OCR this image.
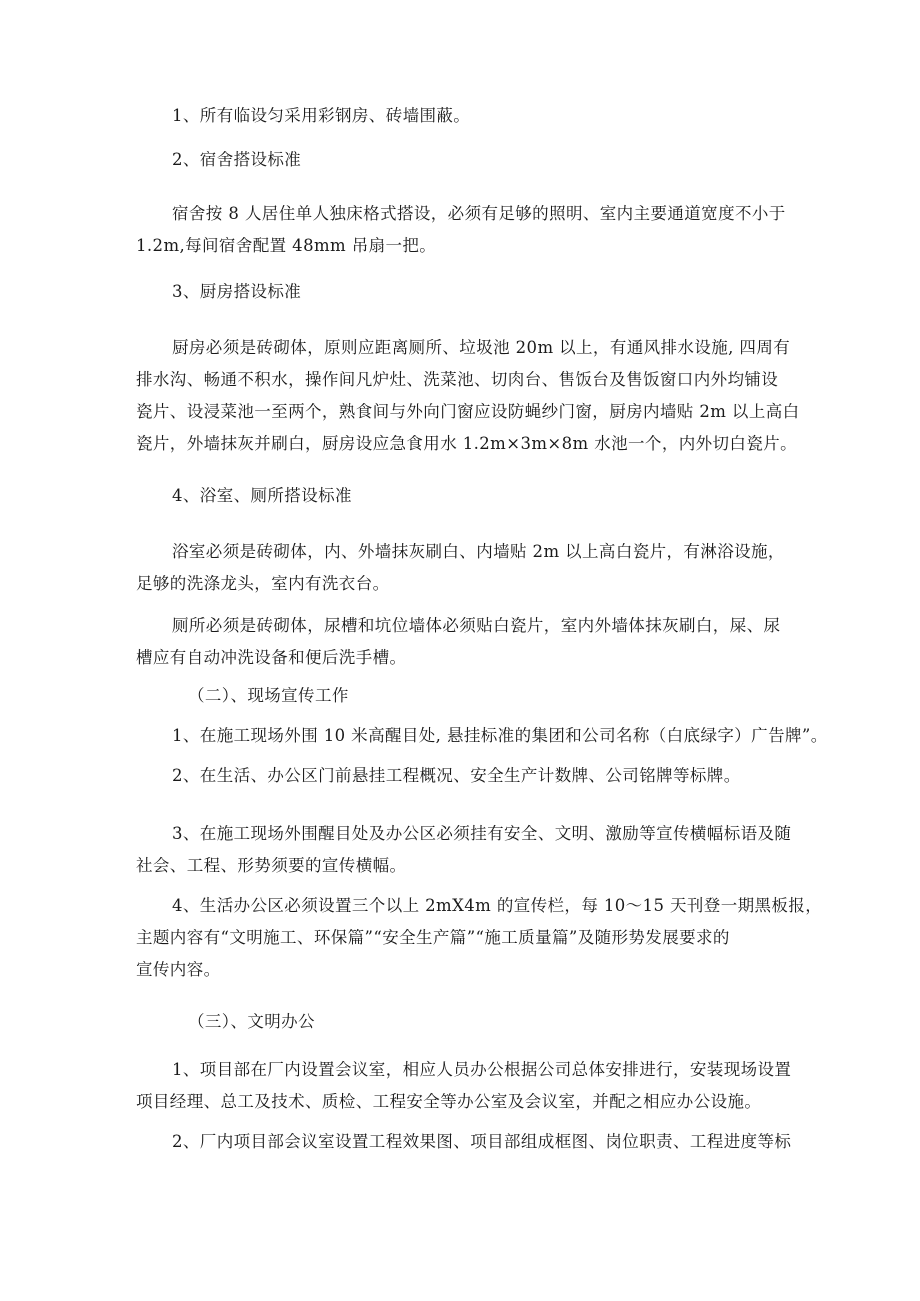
1、所有临设匀采用彩钢房、砖墙围蔽。

2、宿舍搭设标准

宿舍按 8 人居住单人独床格式搭设，必须有足够的照明、室内主要通道宽度不小于
1.2m,每间宿舍配置 48mm 吊扇一把。

3、厨房搭设标准

厨房必须是砖砌体，原则应距离厕所、垃圾池 20m 以上，有通风排水设施, 四周有
排水沟、畅通不积水，操作间凡炉灶、洗菜池、切肉台、售饭台及售饭窗口内外均铺设
瓷片、设浸菜池一至两个，熟食间与外向门窗应设防蝇纱门窗，厨房内墙贴 2m 以上高白
瓷片，外墙抹灰并刷白，厨房设应急食用水 1.2m×3m×8m 水池一个，内外切白瓷片。

4、浴室、厕所搭设标准

浴室必须是砖砌体，内、外墙抹灰刷白、内墙贴 2m 以上高白瓷片，有淋浴设施，
足够的洗涤龙头，室内有洗衣台。

厕所必须是砖砌体，尿槽和坑位墙体必须贴白瓷片，室内外墙体抹灰刷白，屎、尿
槽应有自动冲洗设备和便后洗手槽。

（二）、现场宣传工作

1、在施工现场外围 10 米高醒目处, 悬挂标准的集团和公司名称（白底绿字）广告牌”。

2、在生活、办公区门前悬挂工程概况、安全生产计数牌、公司铭牌等标牌。

3、在施工现场外围醒目处及办公区必须挂有安全、文明、激励等宣传横幅标语及随
社会、工程、形势须要的宣传横幅。

4、生活办公区必须设置三个以上 2mX4m 的宣传栏，每 10～15 天刊登一期黑板报，
主题内容有“文明施工、环保篇”“安全生产篇”“施工质量篇”及随形势发展要求的
宣传内容。

（三）、文明办公

1、项目部在厂内设置会议室，相应人员办公根据公司总体安排进行，安装现场设置
项目经理、总工及技术、质检、工程安全等办公室及会议室，并配之相应办公设施。

2、厂内项目部会议室设置工程效果图、项目部组成框图、岗位职责、工程进度等标
